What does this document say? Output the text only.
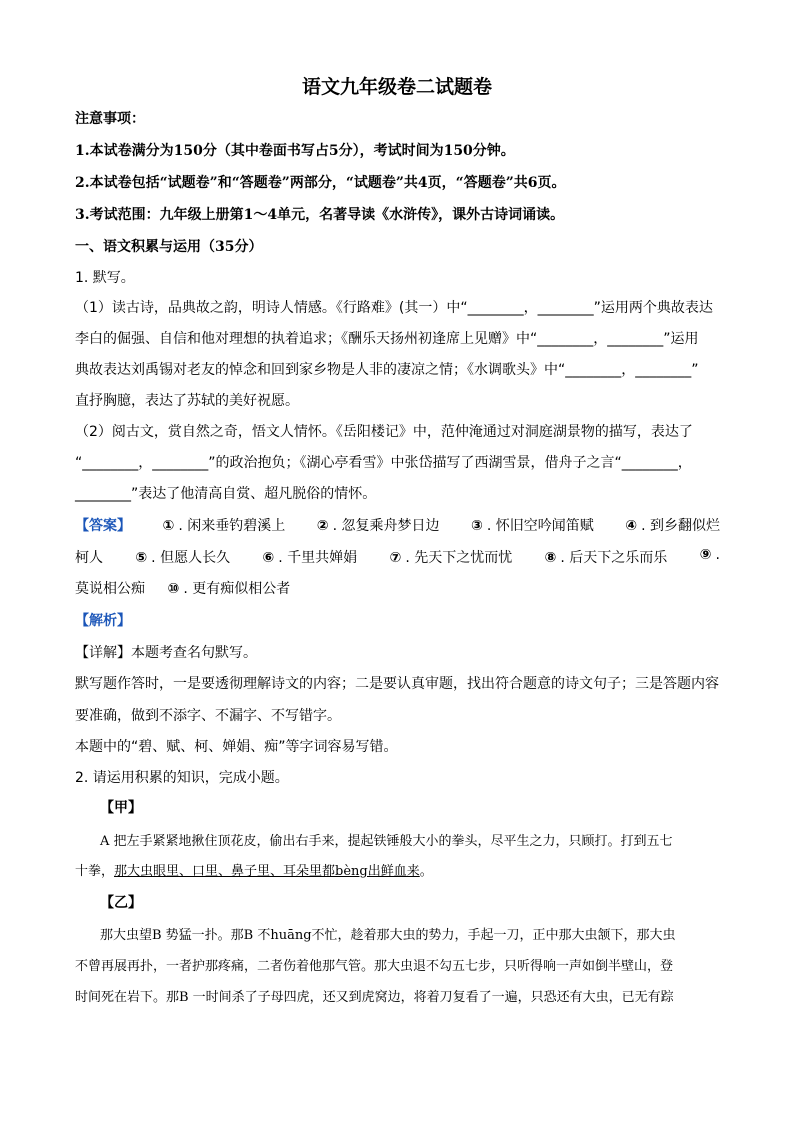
语文九年级卷二试题卷
注意事项：
1.本试卷满分为150分（其中卷面书写占5分），考试时间为150分钟。
2.本试卷包括“试题卷”和“答题卷”两部分，“试题卷”共4页，“答题卷”共6页。
3.考试范围：九年级上册第1～4单元，名著导读《水浒传》，课外古诗词诵读。
一、语文积累与运用（35分）
1. 默写。
（1）读古诗，品典故之韵，明诗人情感。《行路难》(其一）中“________，________”运用两个典故表达
李白的倔强、自信和他对理想的执着追求；《酬乐天扬州初逢席上见赠》中“________，________”运用
典故表达刘禹锡对老友的悼念和回到家乡物是人非的凄凉之情；《水调歌头》中“________，________”
直抒胸臆，表达了苏轼的美好祝愿。
（2）阅古文，赏自然之奇，悟文人情怀。《岳阳楼记》中，范仲淹通过对洞庭湖景物的描写，表达了
“________，________”的政治抱负；《湖心亭看雪》中张岱描写了西湖雪景，借舟子之言“________，
________”表达了他清高自赏、超凡脱俗的情怀。
【答案】 ① . 闲来垂钓碧溪上 ② . 忽复乘舟梦日边 ③ . 怀旧空吟闻笛赋 ④ . 到乡翻似烂
柯人 ⑤ . 但愿人长久 ⑥ . 千里共婵娟 ⑦ . 先天下之忧而忧 ⑧ . 后天下之乐而乐 ⑨ .
莫说相公痴 ⑩ . 更有痴似相公者
【解析】
【详解】本题考查名句默写。
默写题作答时，一是要透彻理解诗文的内容；二是要认真审题，找出符合题意的诗文句子；三是答题内容
要准确，做到不添字、不漏字、不写错字。
本题中的“碧、赋、柯、婵娟、痴”等字词容易写错。
2. 请运用积累的知识，完成小题。
【甲】
A 把左手紧紧地揪住顶花皮，偷出右手来，提起铁锤般大小的拳头，尽平生之力，只顾打。打到五七
十拳，那大虫眼里、口里、鼻子里、耳朵里都bèng出鲜血来。
【乙】
那大虫望B 势猛一扑。那B 不huāng不忙，趁着那大虫的势力，手起一刀，正中那大虫颔下，那大虫
不曾再展再扑，一者护那疼痛，二者伤着他那气管。那大虫退不勾五七步，只听得响一声如倒半壁山，登
时间死在岩下。那B 一时间杀了子母四虎，还又到虎窝边，将着刀复看了一遍，只恐还有大虫，已无有踪
